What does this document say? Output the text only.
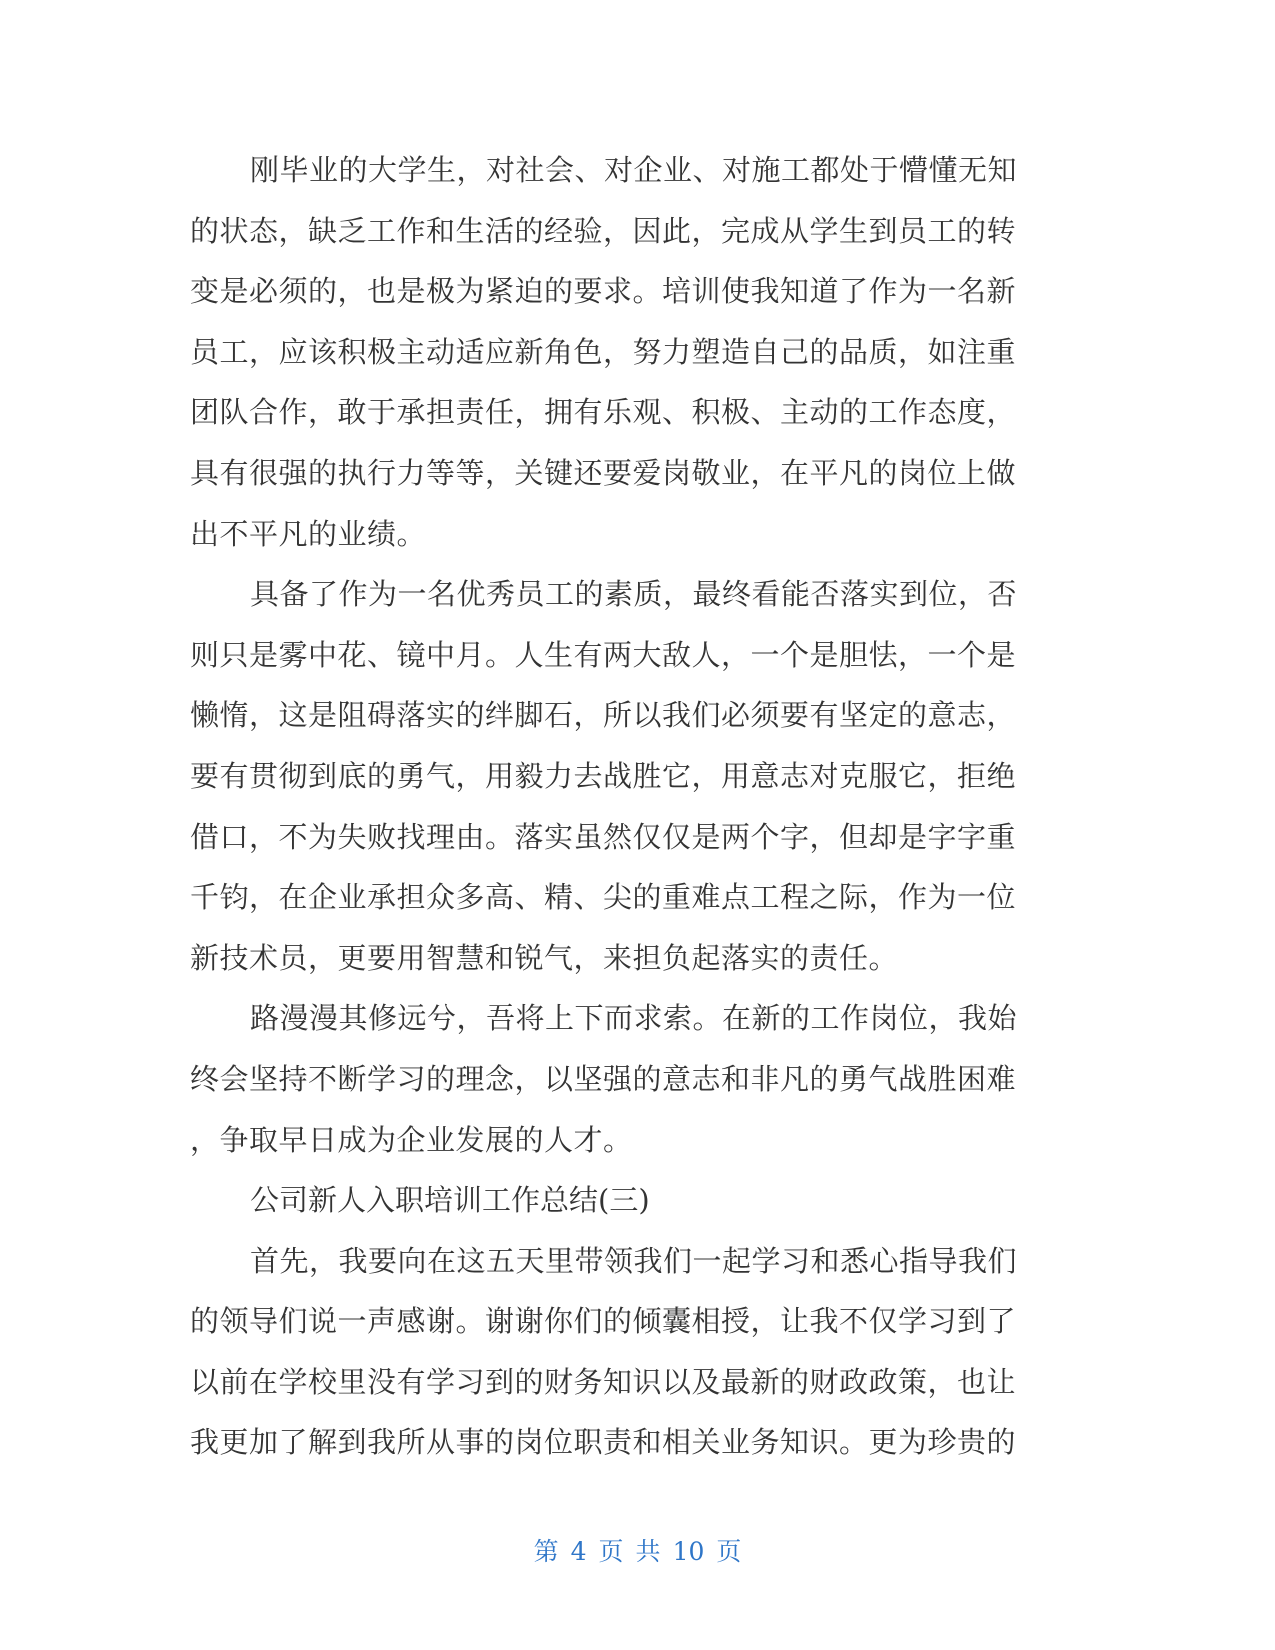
刚毕业的大学生，对社会、对企业、对施工都处于懵懂无知
的状态，缺乏工作和生活的经验，因此，完成从学生到员工的转
变是必须的，也是极为紧迫的要求。培训使我知道了作为一名新
员工，应该积极主动适应新角色，努力塑造自己的品质，如注重
团队合作，敢于承担责任，拥有乐观、积极、主动的工作态度，
具有很强的执行力等等，关键还要爱岗敬业，在平凡的岗位上做
出不平凡的业绩。
具备了作为一名优秀员工的素质，最终看能否落实到位，否
则只是雾中花、镜中月。人生有两大敌人，一个是胆怯，一个是
懒惰，这是阻碍落实的绊脚石，所以我们必须要有坚定的意志，
要有贯彻到底的勇气，用毅力去战胜它，用意志对克服它，拒绝
借口，不为失败找理由。落实虽然仅仅是两个字，但却是字字重
千钧，在企业承担众多高、精、尖的重难点工程之际，作为一位
新技术员，更要用智慧和锐气，来担负起落实的责任。
路漫漫其修远兮，吾将上下而求索。在新的工作岗位，我始
终会坚持不断学习的理念，以坚强的意志和非凡的勇气战胜困难
，争取早日成为企业发展的人才。
公司新人入职培训工作总结(三)
首先，我要向在这五天里带领我们一起学习和悉心指导我们
的领导们说一声感谢。谢谢你们的倾囊相授，让我不仅学习到了
以前在学校里没有学习到的财务知识以及最新的财政政策，也让
我更加了解到我所从事的岗位职责和相关业务知识。更为珍贵的
第 4 页 共 10 页
